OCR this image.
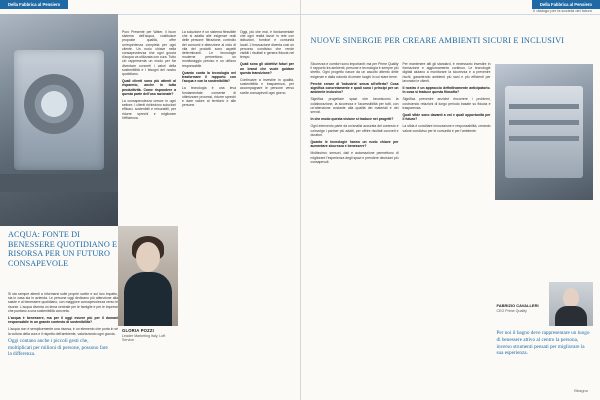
Della Fabbrica al Pensiero
ACQUA: FONTE DI BENESSERE QUOTIDIANO E RISORSA PER UN FUTURO CONSAPEVOLE

Si sta sempre attenti a informarsi sulle proprie scelte e sul loro impatto, sia in casa sia in azienda. Le persone oggi dedicano più attenzione alla salute e al benessere quotidiano, con maggiore consapevolezza verso le risorse. L'acqua diventa un tema centrale per le famiglie e per le imprese che puntano a una sostenibilità concreta.

L'acqua è benessere, ma per il oggi essere più per il domani responsabile in un grande contesto di sostenibilità?

L'acqua non è semplicemente una risorsa, è un elemento che porta in sé la cultura della cura e il rispetto dell'ambiente, valorizzando ogni goccia.

Puro Presente per Water, il buon sistema dell'acqua, costituisce proposte qualità, offre un'esperienza completa per ogni cliente. Un ruolo chiave nella consapevolezza che ogni goccia d'acqua va utilizzata con cura. Tutto ciò rappresenta un modo per far diventare concreti i valori della sostenibilità e i bisogni del nostro quotidiano.

Quali clienti sono più attenti al risparmio, anche in tutta produttività. Come rispondere a questa parte dell'uso razionale?

La consapevolezza cresce in ogni settore. I clienti richiedono soluzioni efficaci, sostenibili e misurabili, per ridurre sprechi e migliorare l'efficienza.

GLORIA POZZI
Leader Marketing Italy, Loft Service
Oggi contano anche i piccoli gesti che, moltiplicati per milioni di persone, possono fare la differenza.

La soluzione è un sistema flessibile che si adatta alle esigenze reali delle persone: filtrazione, controllo dei consumi e attenzione al ciclo di vita dei prodotti sono aspetti determinanti. Le tecnologie moderne permettono un monitoraggio preciso e un utilizzo responsabile.

Quanto conta la tecnologia nel trasformare il rapporto con l'acqua e con la sostenibilità?

La tecnologia è una leva fondamentale: consente di ottimizzare processi, ridurre sprechi e dare valore al territorio e alle persone.

Oggi, più che mai, è fondamentale che ogni realtà lavori in rete con istituzioni, fornitori e comunità locali. L'innovazione diventa così un percorso condiviso che rende visibili i risultati e genera fiducia nel tempo.

Quali sono gli obiettivi futuri per un brand che vuole guidare questa transizione?

Continuare a investire in qualità, sostenibilità e trasparenza, per accompagnare le persone verso scelte consapevoli ogni giorno.

Della Fabbrica al Pensiero
Il dialogo per la società del futuro
NUOVE SINERGIE PER CREARE AMBIENTI SICURI E INCLUSIVI

Sicurezza e comfort sono importanti: ma per Prime Quality il rapporto tra ambienti, persone e tecnologia è sempre più stretto. Ogni progetto nasce da un ascolto attento delle esigenze e dalla volontà di creare luoghi in cui stare bene.

Perché creare di 'Industria' senza all'offerta? Cosa significa concretamente e quali sono i principi per un ambiente inclusivo?

Significa progettare spazi che favoriscono la collaborazione, la sicurezza e l'accessibilità per tutti, con un'attenzione costante alla qualità dei materiali e dei servizi.

In che modo questa visione si traduce nei progetti?

Ogni intervento parte da un'analisi accurata del contesto e coinvolge i partner più adatti, per offrire risultati concreti e duraturi.

Quanto le tecnologie hanno un ruolo chiave per aumentare sicurezza e benessere?

Moltissimo: sensori, dati e automazione permettono di migliorare l'esperienza degli spazi e prendere decisioni più consapevoli.

Per mantenere alti gli standard, è necessario investire in formazione e aggiornamento continuo. Le tecnologie digitali aiutano a monitorare la sicurezza e a prevenire rischi, garantendo ambienti più sani e più efficienti per lavoratori e clienti.

Il nostro è un approccio definitivamente anticipatorio. In cosa si traduce questa filosofia?

Significa prevenire anziché rincorrere i problemi, costruendo relazioni di lungo periodo basate su fiducia e trasparenza.

Quali sfide sono davanti a voi e quali opportunità per il futuro?

La sfida è conciliare innovazione e responsabilità, creando valore condiviso per le comunità e per l'ambiente.

FABRIZIO CAVALLERI
CEO Prime Quality
Per noi il bagno deve rappresentare un luogo di benessere attivo al centro la persona, inverso strumenti pensati per migliorare la sua esperienza.
Bbagno
